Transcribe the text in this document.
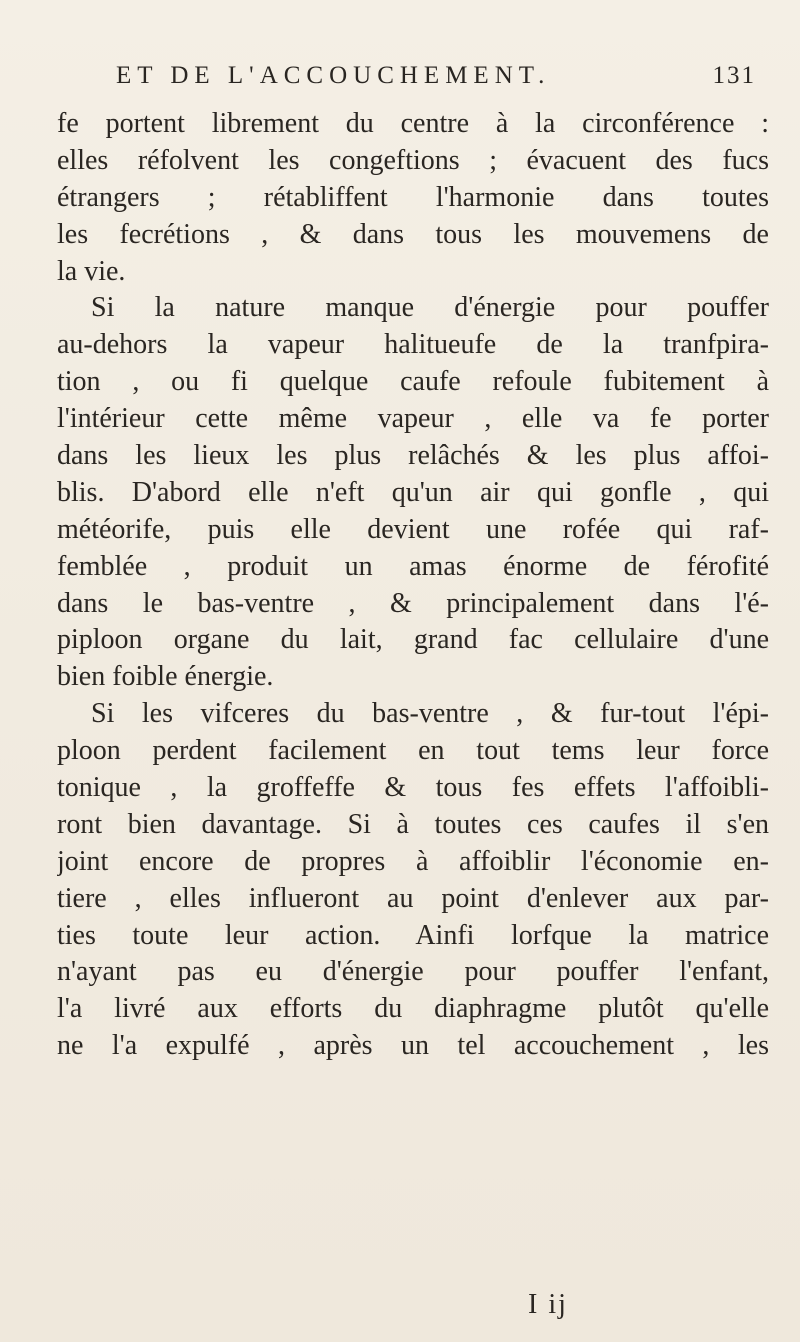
ET DE L'ACCOUCHEMENT.	131
fe portent librement du centre à la circonférence :
elles réfolvent les congeftions ; évacuent des fucs
étrangers ; rétabliffent l'harmonie dans toutes
les fecrétions , & dans tous les mouvemens de
la vie.
Si la nature manque d'énergie pour pouffer
au-dehors la vapeur halitueufe de la tranfpira-
tion , ou fi quelque caufe refoule fubitement à
l'intérieur cette même vapeur , elle va fe porter
dans les lieux les plus relâchés & les plus affoi-
blis. D'abord elle n'eft qu'un air qui gonfle , qui
météorife, puis elle devient une rofée qui raf-
femblée , produit un amas énorme de férofité
dans le bas-ventre , & principalement dans l'é-
piploon organe du lait, grand fac cellulaire d'une
bien foible énergie.
Si les vifceres du bas-ventre , & fur-tout l'épi-
ploon perdent facilement en tout tems leur force
tonique , la groffeffe & tous fes effets l'affoibli-
ront bien davantage. Si à toutes ces caufes il s'en
joint encore de propres à affoiblir l'économie en-
tiere , elles influeront au point d'enlever aux par-
ties toute leur action. Ainfi lorfque la matrice
n'ayant pas eu d'énergie pour pouffer l'enfant,
l'a livré aux efforts du diaphragme plutôt qu'elle
ne l'a expulfé , après un tel accouchement , les
I ij
